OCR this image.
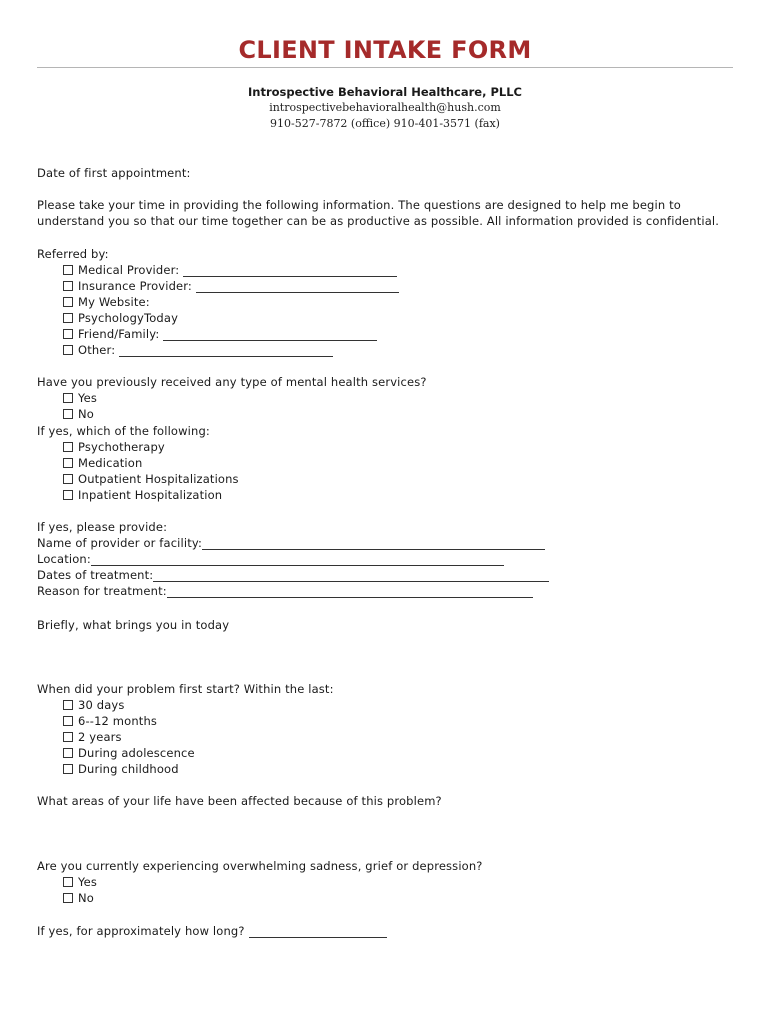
CLIENT INTAKE FORM
Introspective Behavioral Healthcare, PLLC
introspectivebehavioralhealth@hush.com
910-527-7872 (office) 910-401-3571 (fax)
Date of first appointment:
Please take your time in providing the following information. The questions are designed to help me begin to
understand you so that our time together can be as productive as possible. All information provided is confidential.
Referred by:
Medical Provider:
Insurance Provider:
My Website:
PsychologyToday
Friend/Family:
Other:
Have you previously received any type of mental health services?
Yes
No
If yes, which of the following:
Psychotherapy
Medication
Outpatient Hospitalizations
Inpatient Hospitalization
If yes, please provide:
Name of provider or facility:
Location:
Dates of treatment:
Reason for treatment:
Briefly, what brings you in today
When did your problem first start? Within the last:
30 days
6--12 months
2 years
During adolescence
During childhood
What areas of your life have been affected because of this problem?
Are you currently experiencing overwhelming sadness, grief or depression?
Yes
No
If yes, for approximately how long?
